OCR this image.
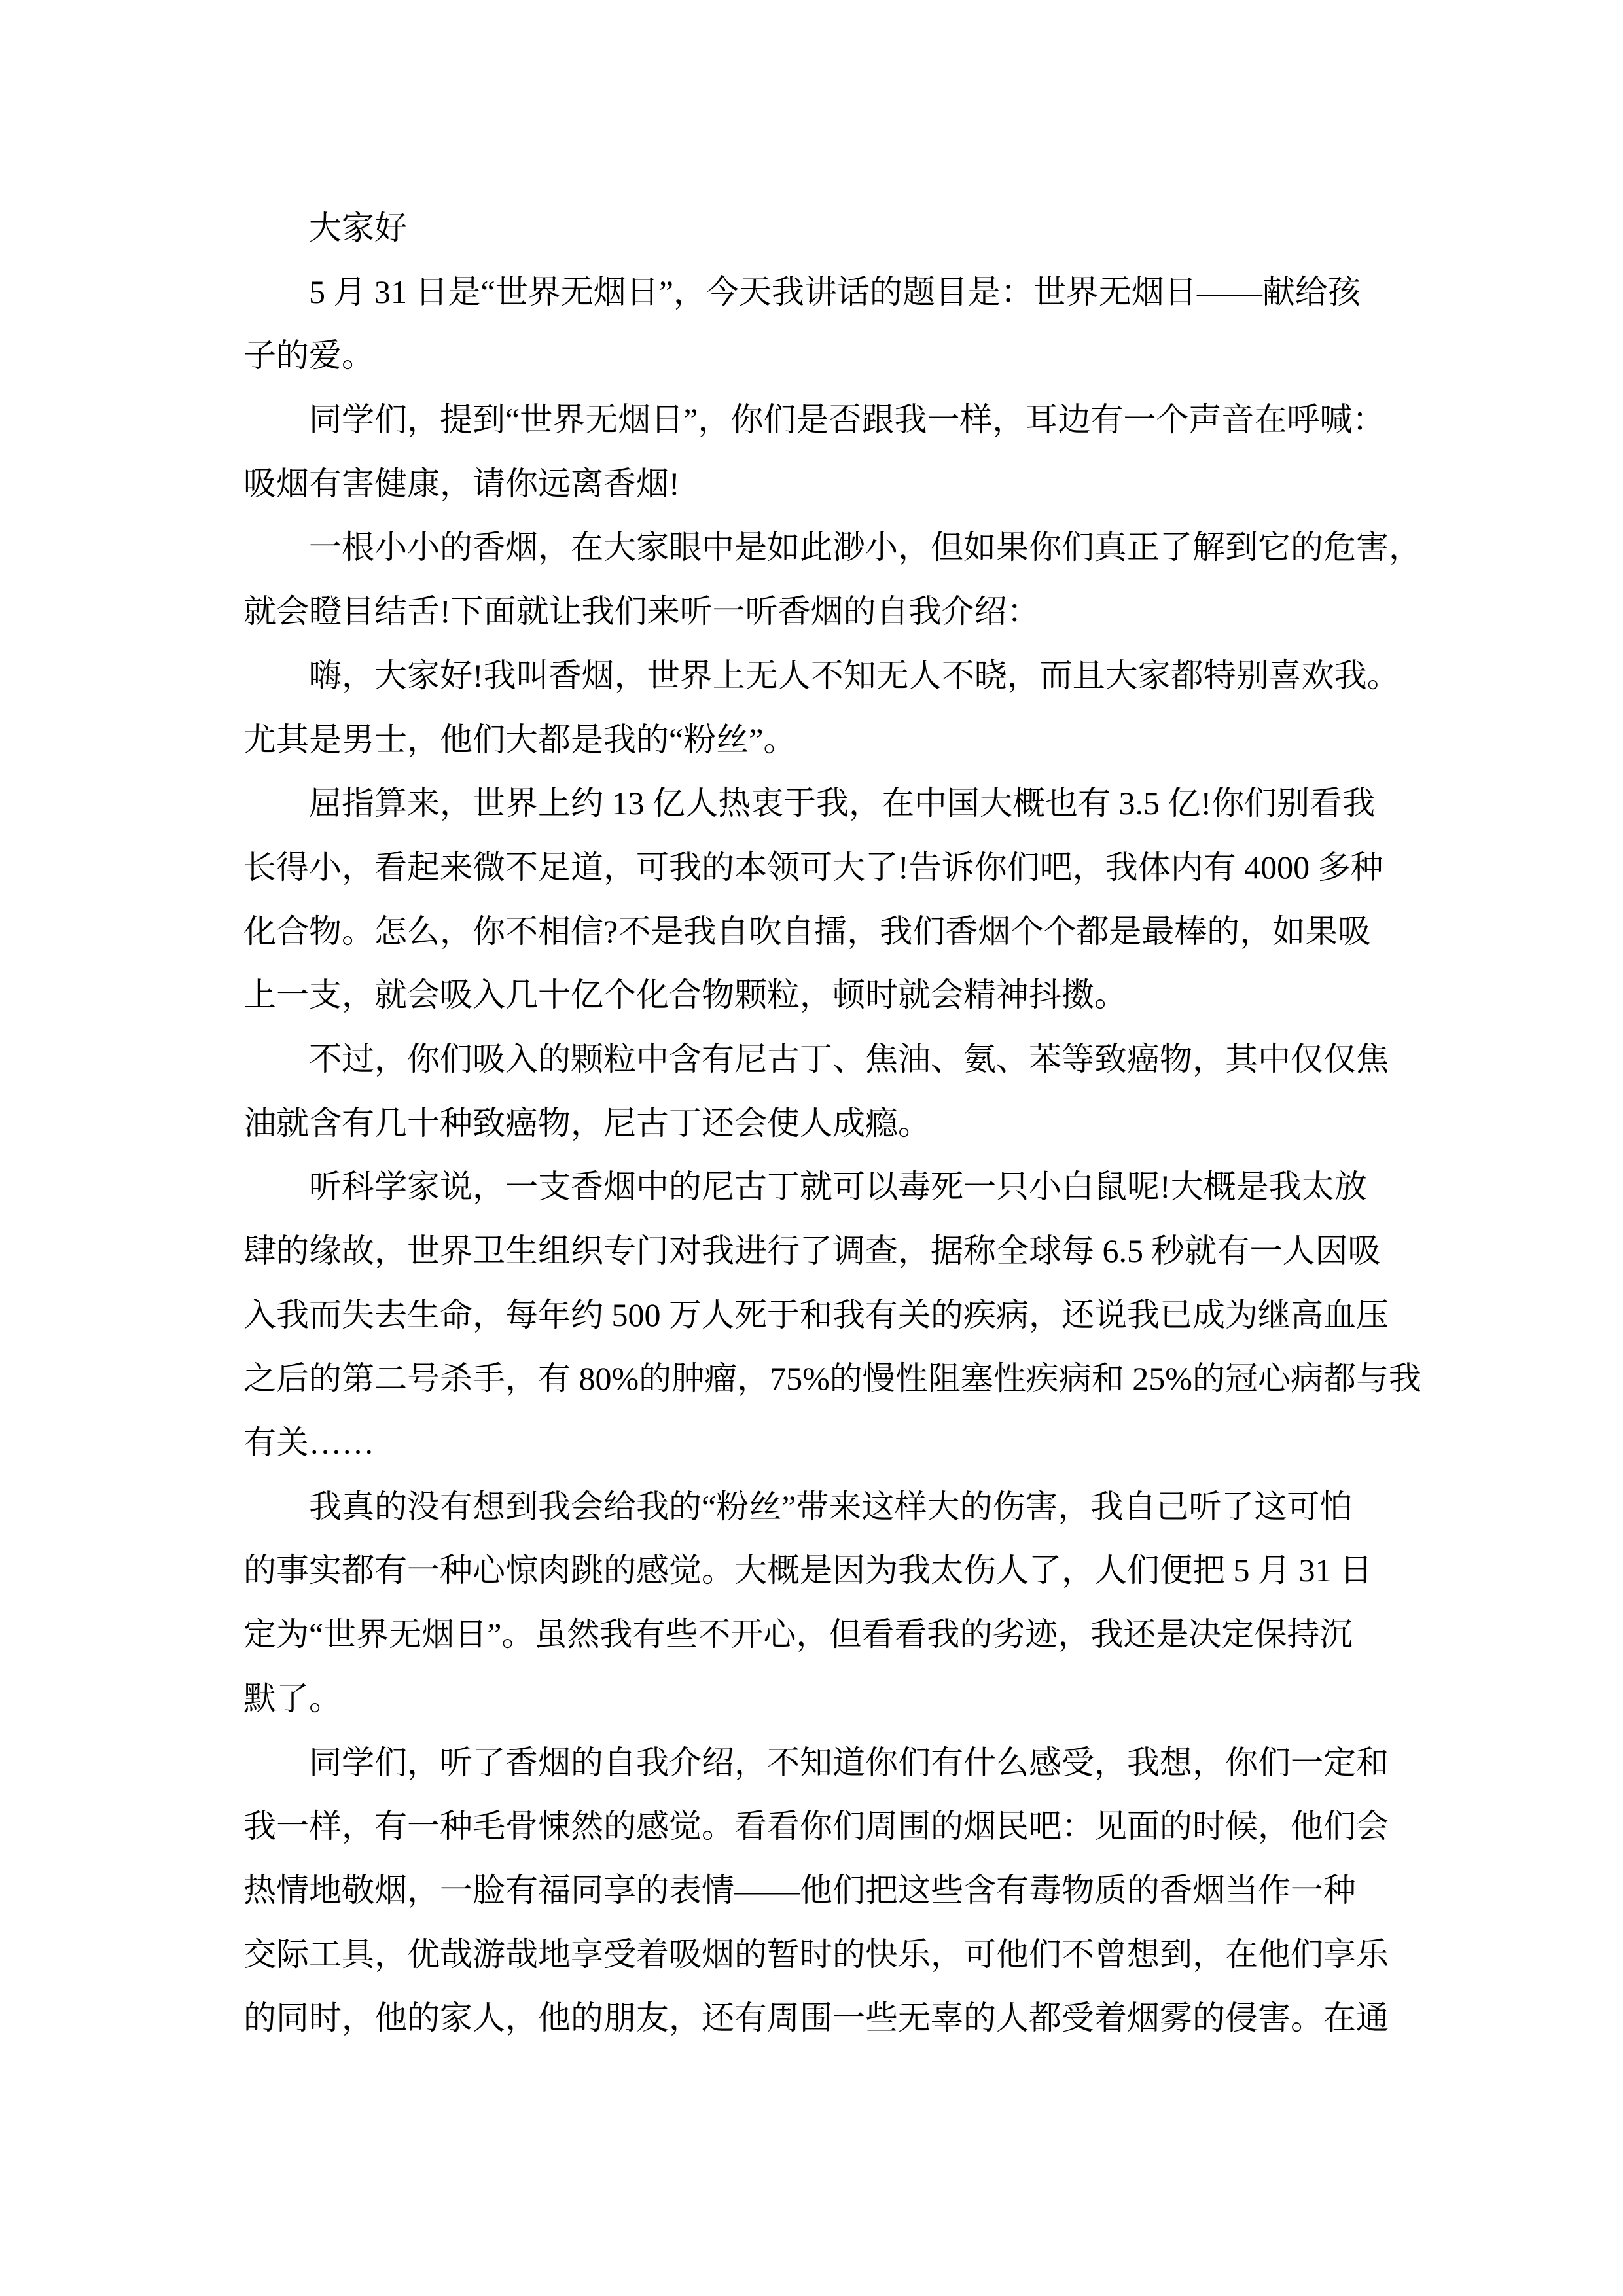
大家好
5 月 31 日是“世界无烟日”，今天我讲话的题目是：世界无烟日——献给孩
子的爱。
同学们，提到“世界无烟日”，你们是否跟我一样，耳边有一个声音在呼喊：
吸烟有害健康，请你远离香烟!
一根小小的香烟，在大家眼中是如此渺小，但如果你们真正了解到它的危害，
就会瞪目结舌!下面就让我们来听一听香烟的自我介绍：
嗨，大家好!我叫香烟，世界上无人不知无人不晓，而且大家都特别喜欢我。
尤其是男士，他们大都是我的“粉丝”。
屈指算来，世界上约 13 亿人热衷于我，在中国大概也有 3.5 亿!你们别看我
长得小，看起来微不足道，可我的本领可大了!告诉你们吧，我体内有 4000 多种
化合物。怎么，你不相信?不是我自吹自擂，我们香烟个个都是最棒的，如果吸
上一支，就会吸入几十亿个化合物颗粒，顿时就会精神抖擞。
不过，你们吸入的颗粒中含有尼古丁、焦油、氨、苯等致癌物，其中仅仅焦
油就含有几十种致癌物，尼古丁还会使人成瘾。
听科学家说，一支香烟中的尼古丁就可以毒死一只小白鼠呢!大概是我太放
肆的缘故，世界卫生组织专门对我进行了调查，据称全球每 6.5 秒就有一人因吸
入我而失去生命，每年约 500 万人死于和我有关的疾病，还说我已成为继高血压
之后的第二号杀手，有 80%的肿瘤，75%的慢性阻塞性疾病和 25%的冠心病都与我
有关……
我真的没有想到我会给我的“粉丝”带来这样大的伤害，我自己听了这可怕
的事实都有一种心惊肉跳的感觉。大概是因为我太伤人了，人们便把 5 月 31 日
定为“世界无烟日”。虽然我有些不开心，但看看我的劣迹，我还是决定保持沉
默了。
同学们，听了香烟的自我介绍，不知道你们有什么感受，我想，你们一定和
我一样，有一种毛骨悚然的感觉。看看你们周围的烟民吧：见面的时候，他们会
热情地敬烟，一脸有福同享的表情——他们把这些含有毒物质的香烟当作一种
交际工具，优哉游哉地享受着吸烟的暂时的快乐，可他们不曾想到，在他们享乐
的同时，他的家人，他的朋友，还有周围一些无辜的人都受着烟雾的侵害。在通
